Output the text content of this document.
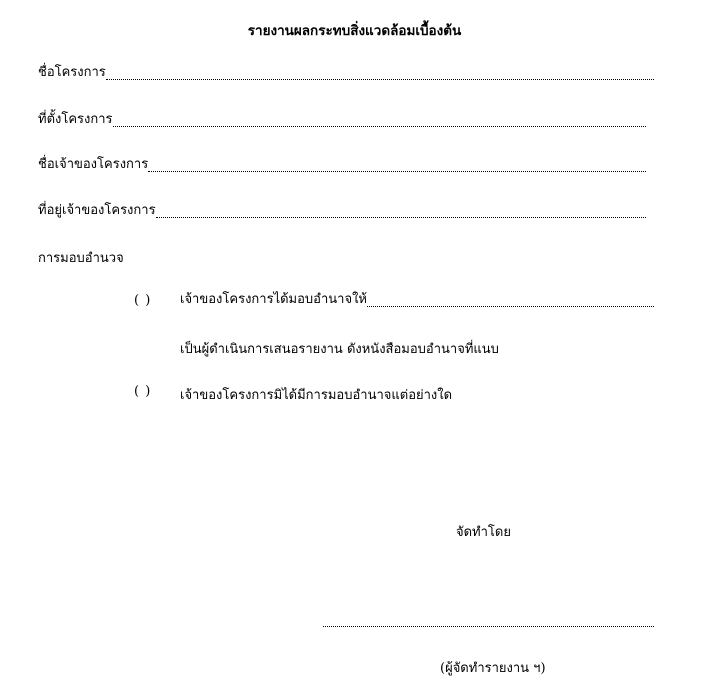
รายงานผลกระทบสิ่งแวดล้อมเบื้องต้น
ชื่อโครงการ
ที่ตั้งโครงการ
ชื่อเจ้าของโครงการ
ที่อยู่เจ้าของโครงการ
การมอบอำนวจ
( ) เจ้าของโครงการได้มอบอำนาจให้
เป็นผู้ดำเนินการเสนอรายงาน ดังหนังสือมอบอำนาจที่แนบ
( ) เจ้าของโครงการมิได้มีการมอบอำนาจแต่อย่างใด
จัดทำโดย
(ผู้จัดทำรายงาน ฯ)
